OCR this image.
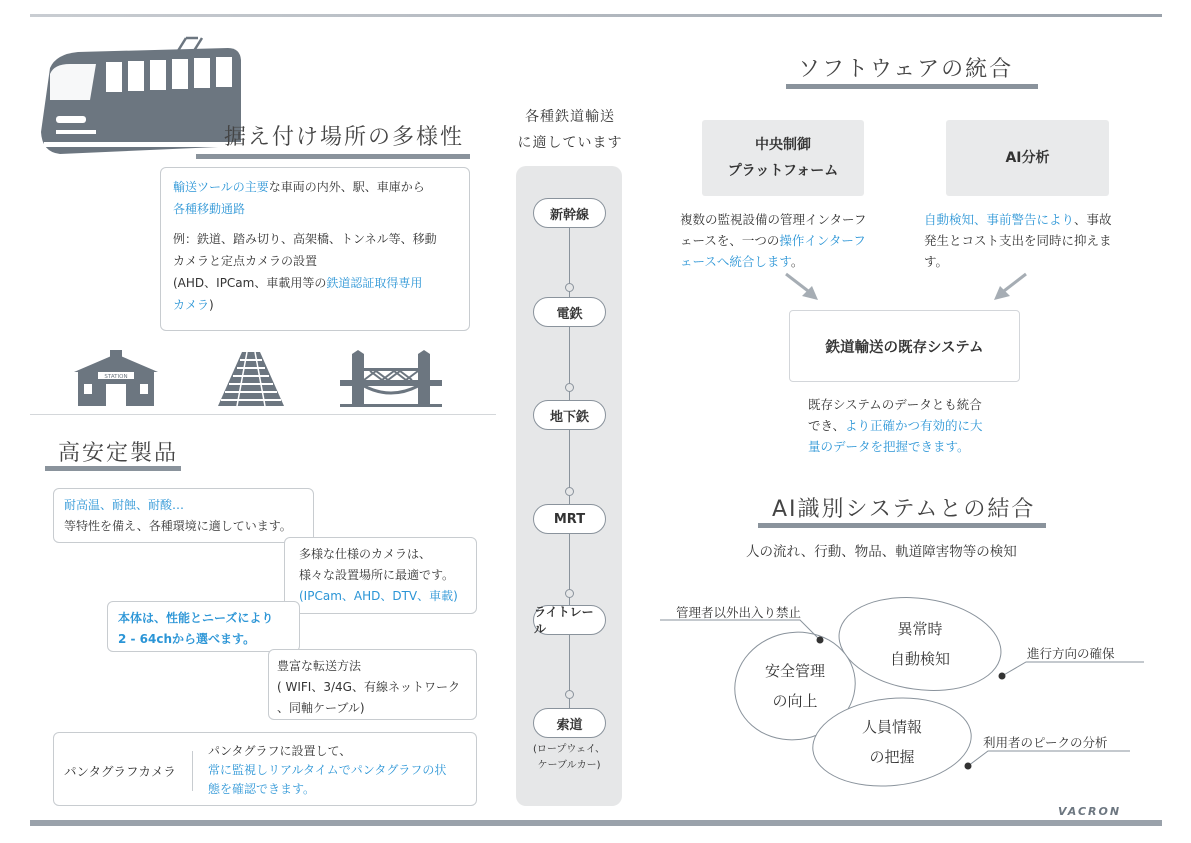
据え付け場所の多様性
輸送ツールの主要な車両の内外、駅、車庫から
各種移動通路
例：鉄道、踏み切り、高架橋、トンネル等、移動
カメラと定点カメラの設置
(AHD、IPCam、車載用等の鉄道認証取得専用
カメラ)
STATION
高安定製品
耐高温、耐蝕、耐酸…
等特性を備え、各種環境に適しています。
多様な仕様のカメラは、
様々な設置場所に最適です。
(IPCam、AHD、DTV、車載)
本体は、性能とニーズにより
2 - 64chから選べます。
豊富な転送方法
( WIFI、3/4G、有線ネットワーク
、同軸ケーブル)
パンタグラフカメラ
パンタグラフに設置して、
常に監視しリアルタイムでパンタグラフの状
態を確認できます。
各種鉄道輸送
に適しています
新幹線
電鉄
地下鉄
MRT
ライトレール
索道
(ロープウェイ、
ケーブルカー)
ソフトウェアの統合
中央制御
プラットフォーム
AI分析
複数の監視設備の管理インターフ
ェースを、一つの操作インターフ
ェースへ統合します。
自動検知、事前警告により、事故
発生とコスト支出を同時に抑えま
す。
鉄道輸送の既存システム
既存システムのデータとも統合
でき、より正確かつ有効的に大
量のデータを把握できます。
AI識別システムとの結合
人の流れ、行動、物品、軌道障害物等の検知
異常時
自動検知
安全管理
の向上
人員情報
の把握
管理者以外出入り禁止
進行方向の確保
利用者のピークの分析
VACRON
